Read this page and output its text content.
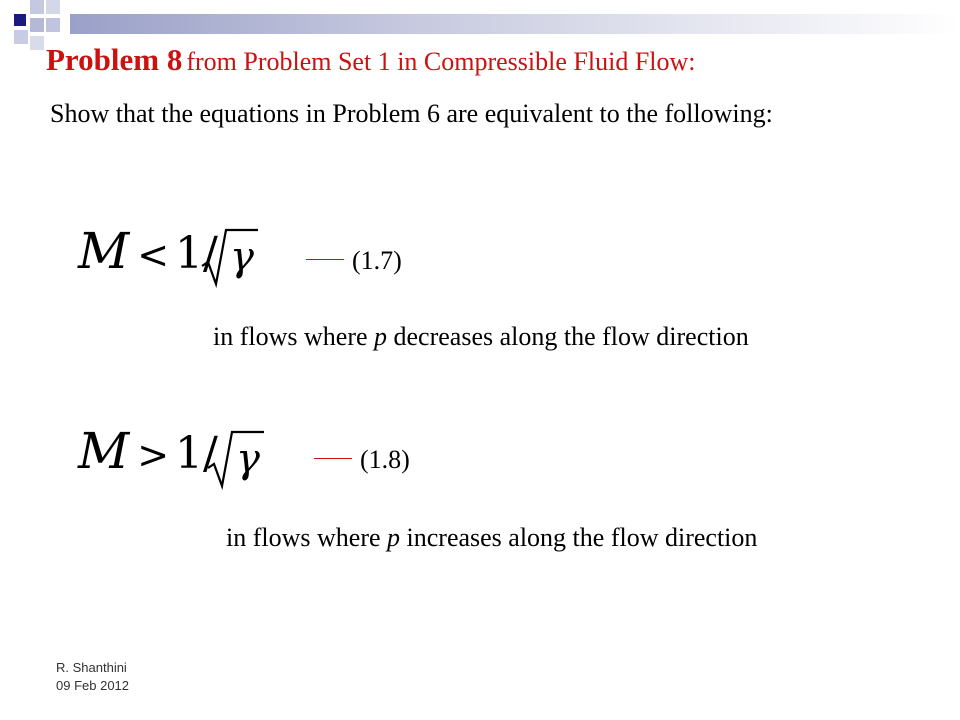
Problem 8 from Problem Set 1 in Compressible Fluid Flow:

Show that the equations in Problem 6 are equivalent to the following:

M < 1/ γ	(1.7)
in flows where p decreases along the flow direction
M > 1/ γ	(1.8)
in flows where p increases along the flow direction
R. Shanthini
09 Feb 2012
